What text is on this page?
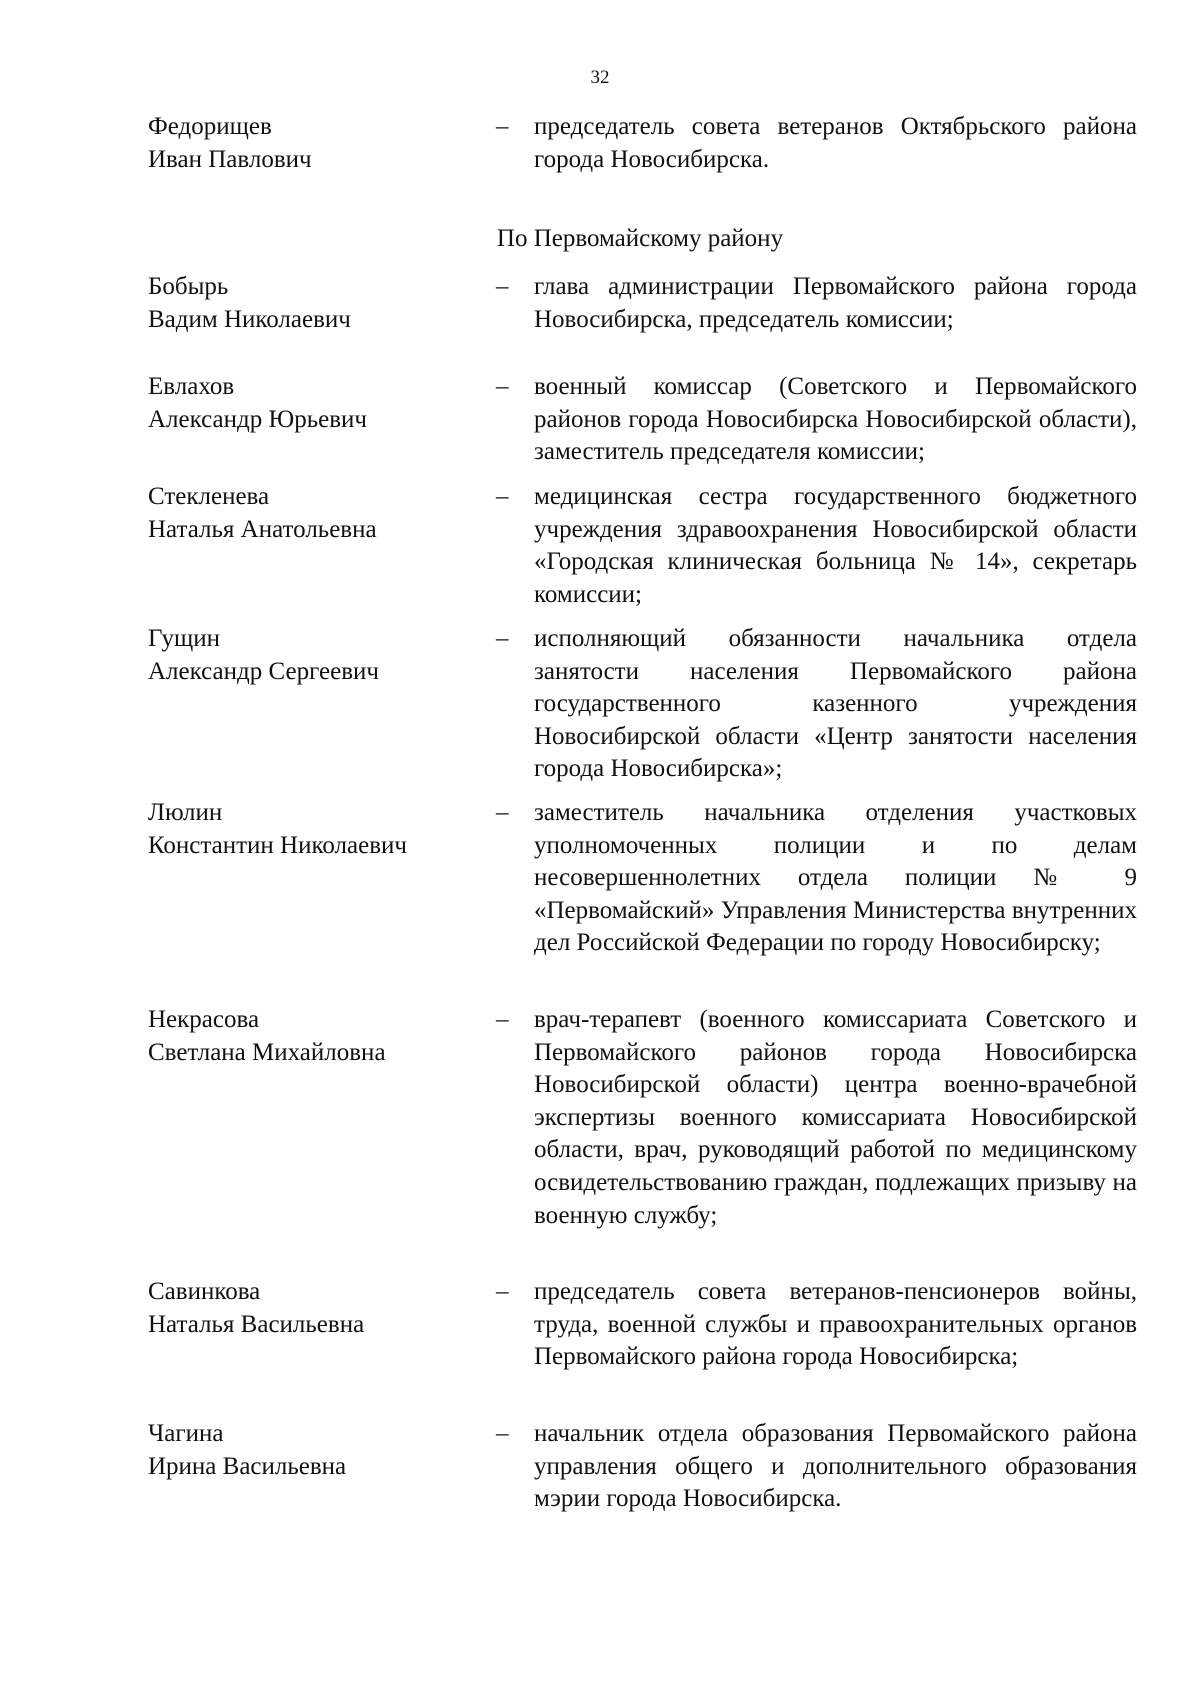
32
Федорищев
Иван Павлович
– председатель совета ветеранов Октябрьского района города Новосибирска.
По Первомайскому району
Бобырь
Вадим Николаевич
– глава администрации Первомайского района города Новосибирска, председатель комиссии;
Евлахов
Александр Юрьевич
– военный комиссар (Советского и Первомайского районов города Новосибирска Новосибирской области), заместитель председателя комиссии;
Стекленева
Наталья Анатольевна
– медицинская сестра государственного бюджетного учреждения здравоохранения Новосибирской области «Городская клиническая больница № 14», секретарь комиссии;
Гущин
Александр Сергеевич
– исполняющий обязанности начальника отдела занятости населения Первомайского района государственного казенного учреждения Новосибирской области «Центр занятости населения города Новосибирска»;
Люлин
Константин Николаевич
– заместитель начальника отделения участковых уполномоченных полиции и по делам несовершеннолетних отдела полиции № 9 «Первомайский» Управления Министерства внутренних дел Российской Федерации по городу Новосибирску;
Некрасова
Светлана Михайловна
– врач-терапевт (военного комиссариата Советского и Первомайского районов города Новосибирска Новосибирской области) центра военно-врачебной экспертизы военного комиссариата Новосибирской области, врач, руководящий работой по медицинскому освидетельствованию граждан, подлежащих призыву на военную службу;
Савинкова
Наталья Васильевна
– председатель совета ветеранов-пенсионеров войны, труда, военной службы и правоохранительных органов Первомайского района города Новосибирска;
Чагина
Ирина Васильевна
– начальник отдела образования Первомайского района управления общего и дополнительного образования мэрии города Новосибирска.
